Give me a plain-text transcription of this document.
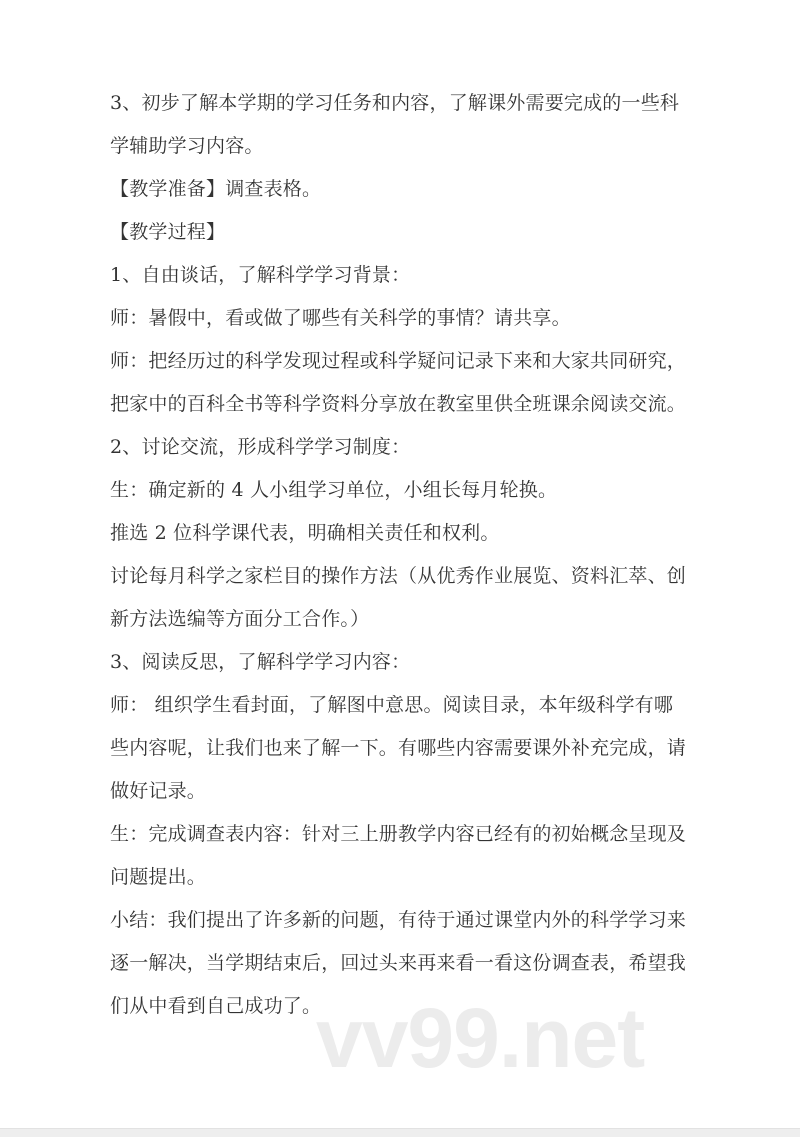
3、初步了解本学期的学习任务和内容，了解课外需要完成的一些科
学辅助学习内容。
【教学准备】调查表格。
【教学过程】
1、自由谈话，了解科学学习背景：
师：暑假中，看或做了哪些有关科学的事情？请共享。
师：把经历过的科学发现过程或科学疑问记录下来和大家共同研究，
把家中的百科全书等科学资料分享放在教室里供全班课余阅读交流。
2、讨论交流，形成科学学习制度：
生：确定新的 4 人小组学习单位，小组长每月轮换。
推选 2 位科学课代表，明确相关责任和权利。
讨论每月科学之家栏目的操作方法（从优秀作业展览、资料汇萃、创
新方法选编等方面分工合作。）
3、阅读反思，了解科学学习内容：
师： 组织学生看封面，了解图中意思。阅读目录，本年级科学有哪
些内容呢，让我们也来了解一下。有哪些内容需要课外补充完成，请
做好记录。
生：完成调查表内容：针对三上册教学内容已经有的初始概念呈现及
问题提出。
小结：我们提出了许多新的问题，有待于通过课堂内外的科学学习来
逐一解决，当学期结束后，回过头来再来看一看这份调查表，希望我
们从中看到自己成功了。
vv99.net
